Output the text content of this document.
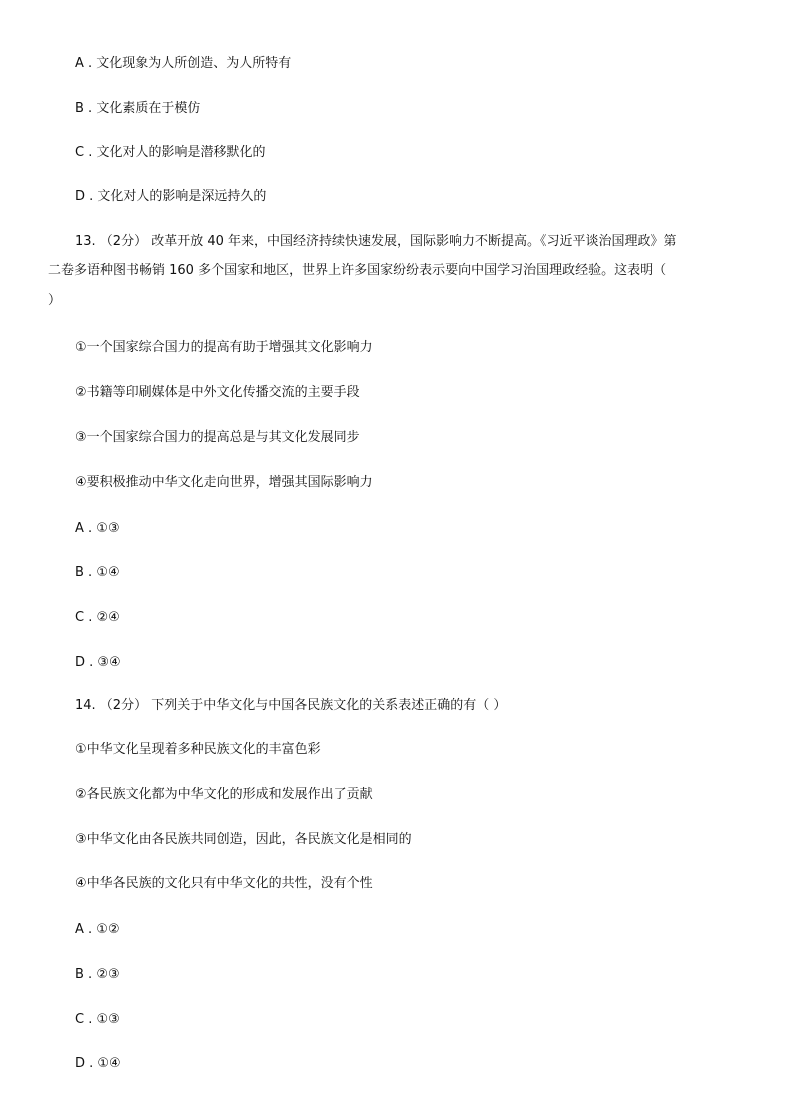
A . 文化现象为人所创造、为人所特有
B . 文化素质在于模仿
C . 文化对人的影响是潜移默化的
D . 文化对人的影响是深远持久的
13. （2分） 改革开放 40 年来，中国经济持续快速发展，国际影响力不断提高。《习近平谈治国理政》第
二卷多语种图书畅销 160 多个国家和地区，世界上许多国家纷纷表示要向中国学习治国理政经验。这表明（
）
①一个国家综合国力的提高有助于增强其文化影响力
②书籍等印刷媒体是中外文化传播交流的主要手段
③一个国家综合国力的提高总是与其文化发展同步
④要积极推动中华文化走向世界，增强其国际影响力
A . ①③
B . ①④
C . ②④
D . ③④
14. （2分） 下列关于中华文化与中国各民族文化的关系表述正确的有（ ）
①中华文化呈现着多种民族文化的丰富色彩
②各民族文化都为中华文化的形成和发展作出了贡献
③中华文化由各民族共同创造，因此，各民族文化是相同的
④中华各民族的文化只有中华文化的共性，没有个性
A . ①②
B . ②③
C . ①③
D . ①④
